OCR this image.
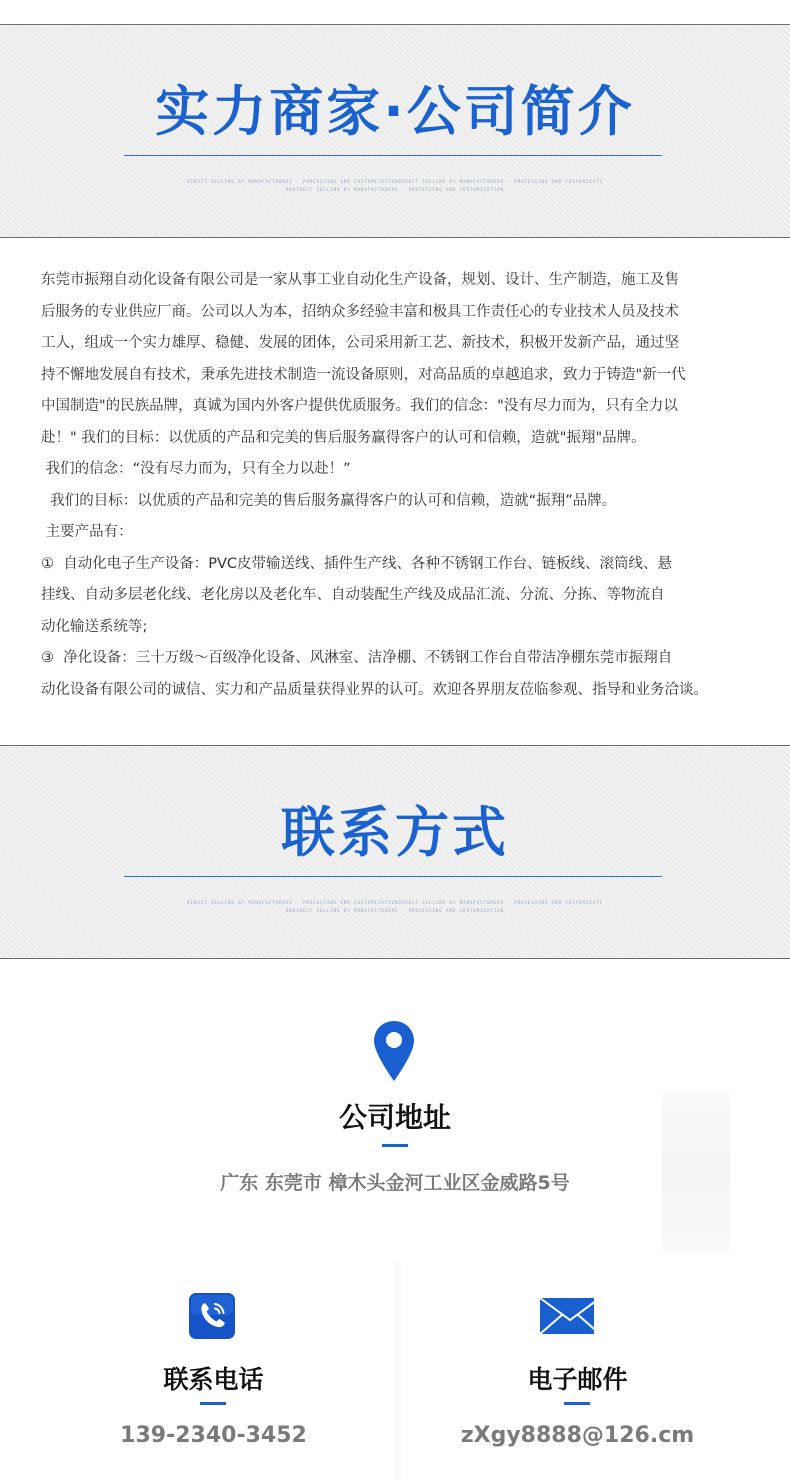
实力商家·公司简介
DIRECT SELLING BY MANUFACTURERS · PROCESSING AND CUSTOMIZATIONDIRECT SELLING BY MANUFACTURERS · PROCESSING AND CUSTOMIZATI
ONDIRECT SELLING BY MANUFACTURERS · PROCESSING AND CUSTOMIZATION

东莞市振翔自动化设备有限公司是一家从事工业自动化生产设备，规划、设计、生产制造，施工及售

后服务的专业供应厂商。公司以人为本，招纳众多经验丰富和极具工作责任心的专业技术人员及技术

工人，组成一个实力雄厚、稳健、发展的团体，公司采用新工艺、新技术，积极开发新产品，通过坚

持不懈地发展自有技术，秉承先进技术制造一流设备原则，对高品质的卓越追求，致力于铸造"新一代

中国制造"的民族品牌，真诚为国内外客户提供优质服务。我们的信念："没有尽力而为，只有全力以

赴！" 我们的目标：以优质的产品和完美的售后服务赢得客户的认可和信赖，造就"振翔"品牌。

我们的信念：“没有尽力而为，只有全力以赴！”

我们的目标：以优质的产品和完美的售后服务赢得客户的认可和信赖，造就“振翔”品牌。

主要产品有：

①  自动化电子生产设备：PVC皮带输送线、插件生产线、各种不锈钢工作台、链板线、滚筒线、悬

挂线、自动多层老化线、老化房以及老化车、自动装配生产线及成品汇流、分流、分拣、等物流自

动化输送系统等;

③  净化设备：三十万级～百级净化设备、风淋室、洁净棚、不锈钢工作台自带洁净棚东莞市振翔自

动化设备有限公司的诚信、实力和产品质量获得业界的认可。欢迎各界朋友莅临参观、指导和业务洽谈。

联系方式
DIRECT SELLING BY MANUFACTURERS · PROCESSING AND CUSTOMIZATIONDIRECT SELLING BY MANUFACTURERS · PROCESSING AND CUSTOMIZATI
ONDIRECT SELLING BY MANUFACTURERS · PROCESSING AND CUSTOMIZATION
公司地址
广东 东莞市 樟木头金河工业区金威路5号
联系电话
139-2340-3452
电子邮件
zXgy8888@126.cm
